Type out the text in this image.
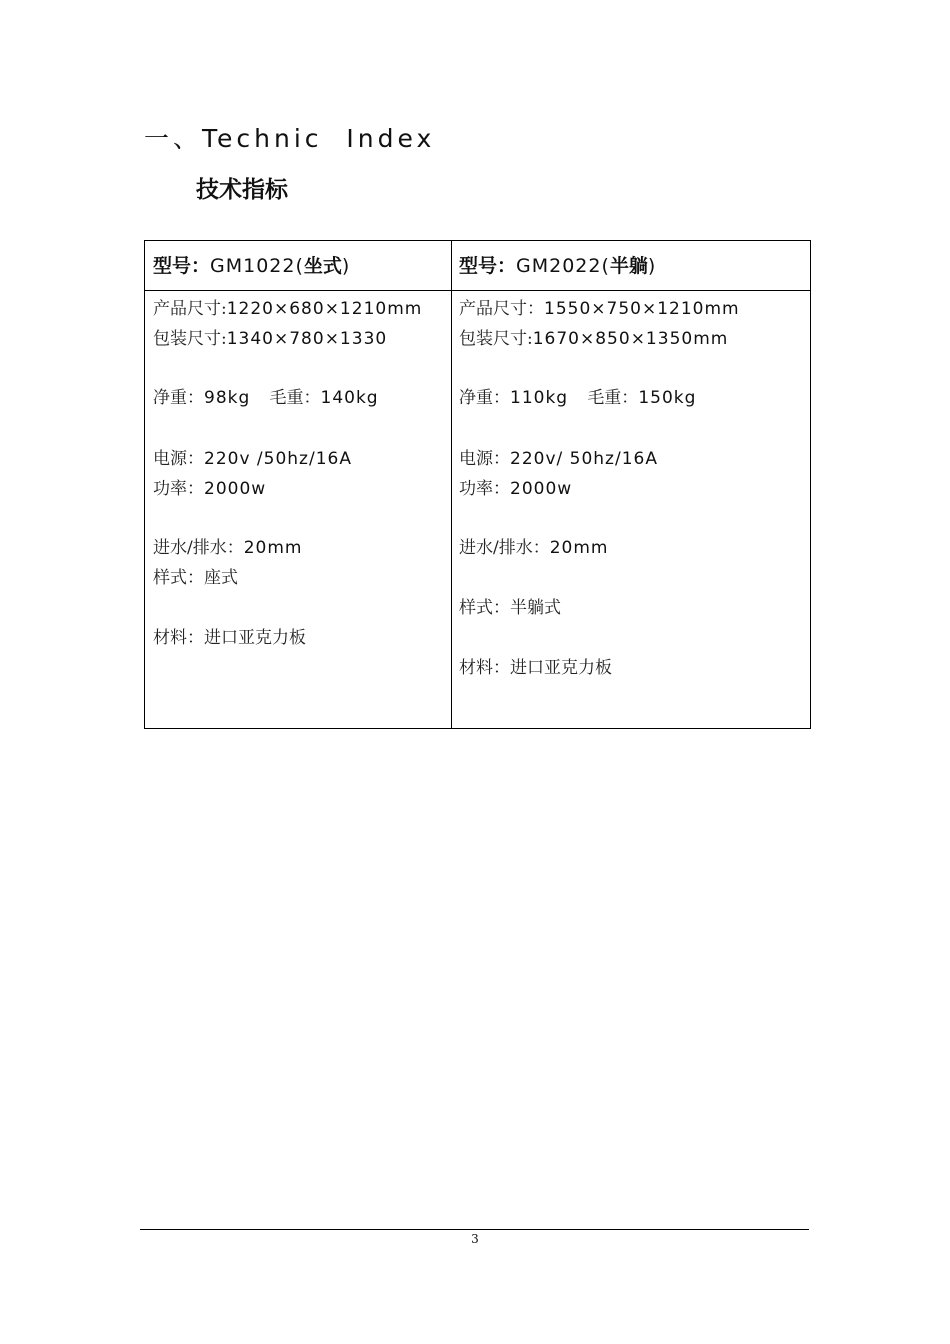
一、Technic  Index
技术指标
型号：GM1022(坐式)	型号：GM2022(半躺)
产品尺寸:1220×680×1210mm
包装尺寸:1340×780×1330
净重：98kg 毛重：140kg
电源：220v /50hz/16A
功率：2000w
进水/排水：20mm
样式：座式
材料：进口亚克力板
产品尺寸：1550×750×1210mm
包装尺寸:1670×850×1350mm
净重：110kg 毛重：150kg
电源：220v/ 50hz/16A
功率：2000w
进水/排水：20mm
样式：半躺式
材料：进口亚克力板
3
